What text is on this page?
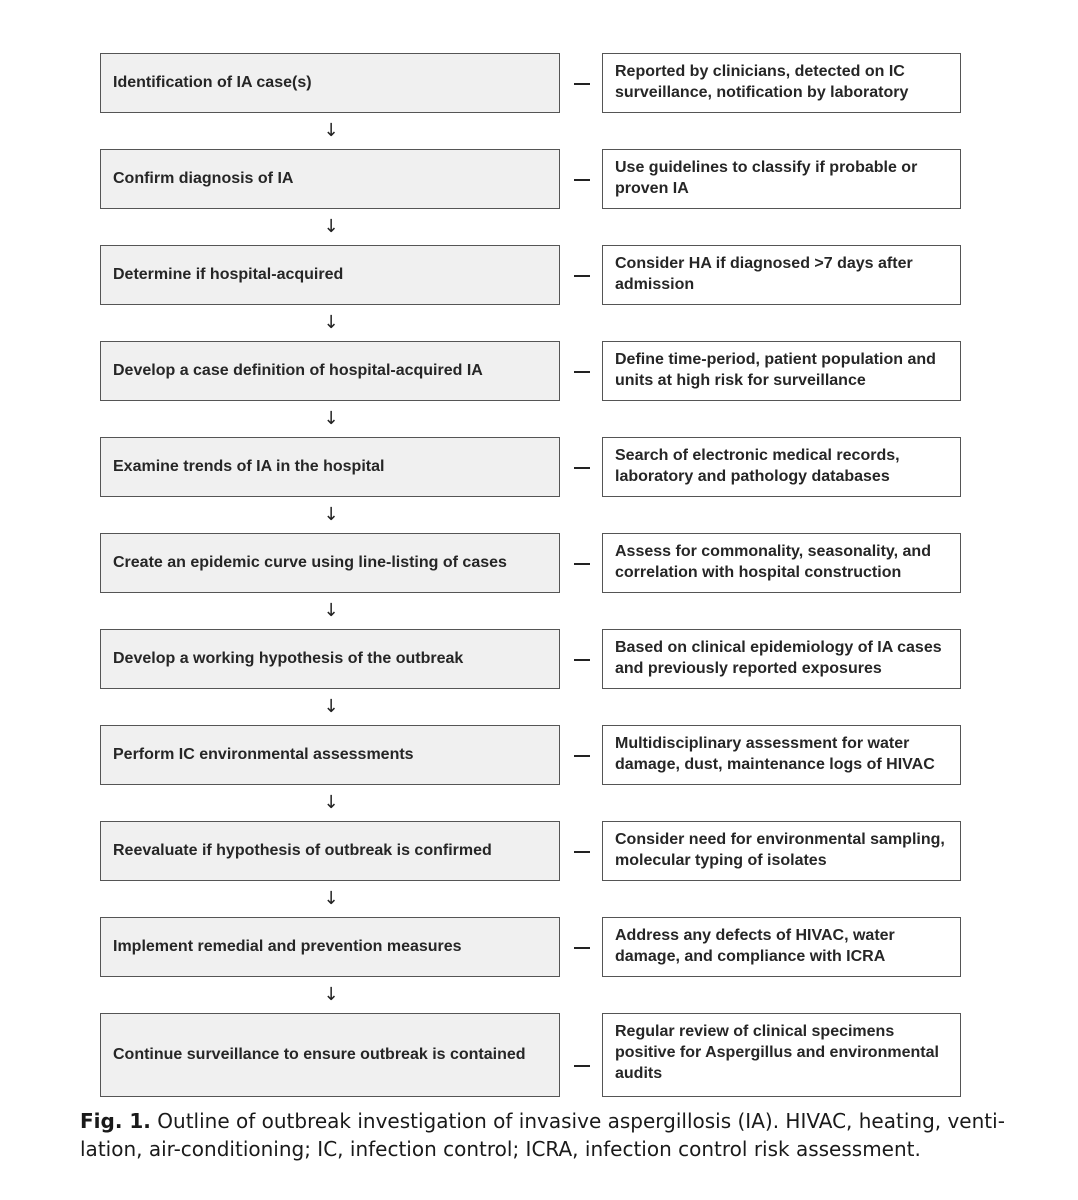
Identification of IA case(s)
Reported by clinicians, detected on IC surveillance, notification by laboratory
↓
Confirm diagnosis of IA
Use guidelines to classify if probable or proven IA
↓
Determine if hospital-acquired
Consider HA if diagnosed >7 days after admission
↓
Develop a case definition of hospital-acquired IA
Define time-period, patient population and units at high risk for surveillance
↓
Examine trends of IA in the hospital
Search of electronic medical records, laboratory and pathology databases
↓
Create an epidemic curve using line-listing of cases
Assess for commonality, seasonality, and correlation with hospital construction
↓
Develop a working hypothesis of the outbreak
Based on clinical epidemiology of IA cases and previously reported exposures
↓
Perform IC environmental assessments
Multidisciplinary assessment for water damage, dust, maintenance logs of HIVAC
↓
Reevaluate if hypothesis of outbreak is confirmed
Consider need for environmental sampling, molecular typing of isolates
↓
Implement remedial and prevention measures
Address any defects of HIVAC, water damage, and compliance with ICRA
↓
Continue surveillance to ensure outbreak is contained
Regular review of clinical specimens positive for Aspergillus and environmental audits
Fig. 1. Outline of outbreak investigation of invasive aspergillosis (IA). HIVAC, heating, venti-lation, air-conditioning; IC, infection control; ICRA, infection control risk assessment.
